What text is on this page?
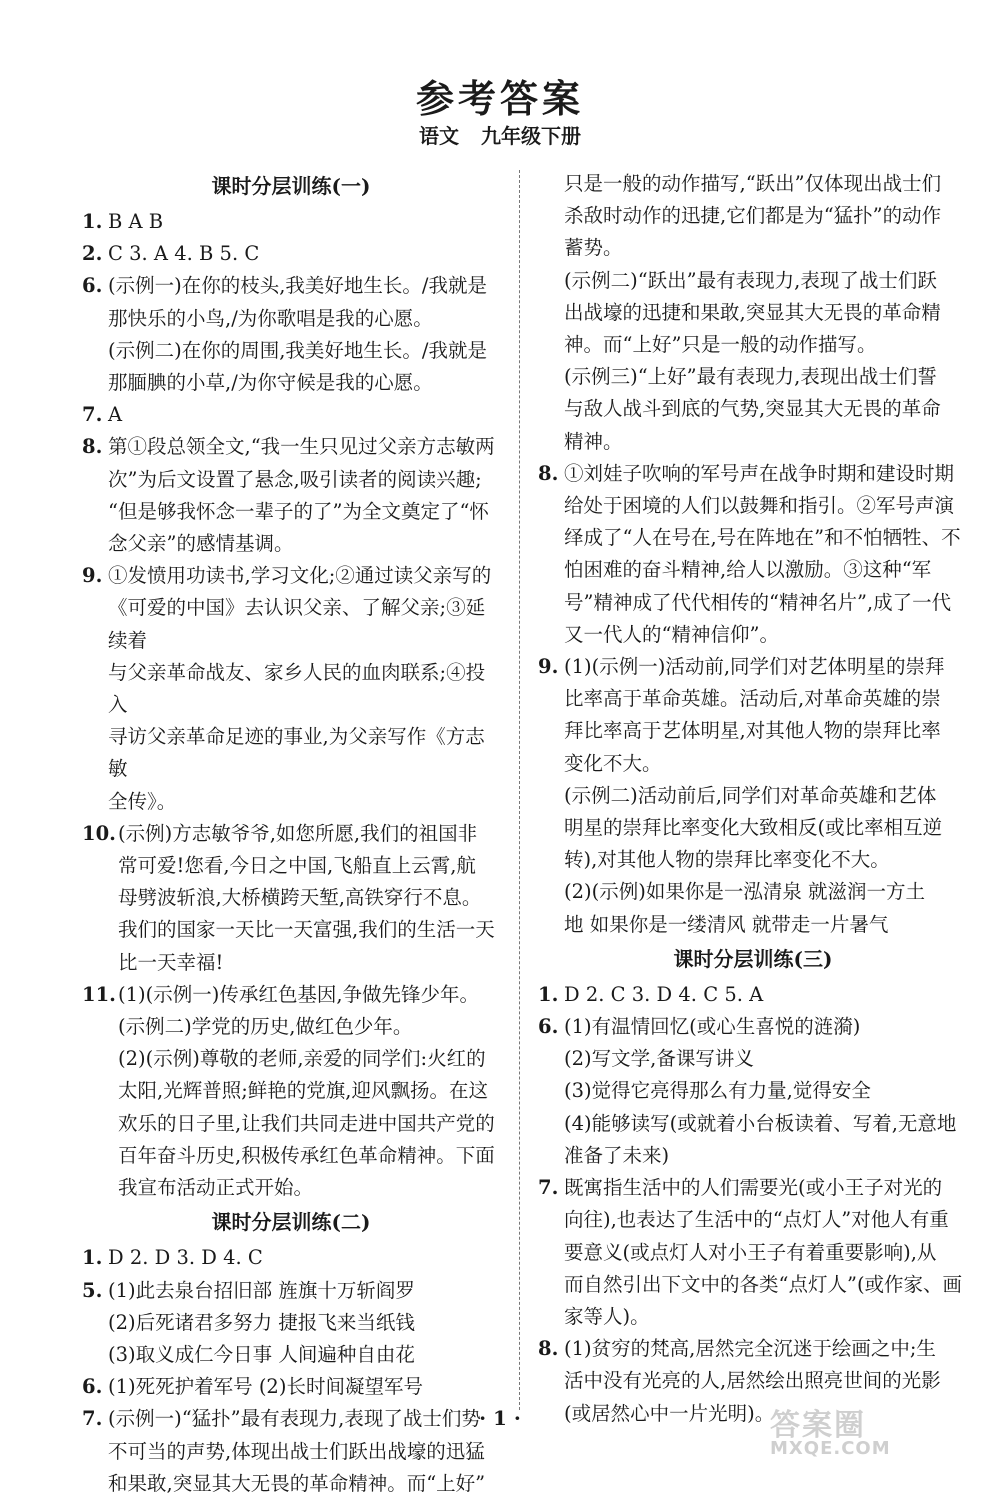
参考答案
语文 九年级下册
课时分层训练(一)
1. B A B
2. C 3. A 4. B 5. C
6. (示例一)在你的枝头,我美好地生长。/我就是
那快乐的小鸟,/为你歌唱是我的心愿。
(示例二)在你的周围,我美好地生长。/我就是
那腼腆的小草,/为你守候是我的心愿。
7. A
8. 第①段总领全文,“我一生只见过父亲方志敏两
次”为后文设置了悬念,吸引读者的阅读兴趣;
“但是够我怀念一辈子的了”为全文奠定了“怀
念父亲”的感情基调。
9. ①发愤用功读书,学习文化;②通过读父亲写的
《可爱的中国》去认识父亲、了解父亲;③延续着
与父亲革命战友、家乡人民的血肉联系;④投入
寻访父亲革命足迹的事业,为父亲写作《方志敏
全传》。
10. (示例)方志敏爷爷,如您所愿,我们的祖国非
常可爱!您看,今日之中国,飞船直上云霄,航
母劈波斩浪,大桥横跨天堑,高铁穿行不息。
我们的国家一天比一天富强,我们的生活一天
比一天幸福!
11. (1)(示例一)传承红色基因,争做先锋少年。
(示例二)学党的历史,做红色少年。
(2)(示例)尊敬的老师,亲爱的同学们:火红的
太阳,光辉普照;鲜艳的党旗,迎风飘扬。在这
欢乐的日子里,让我们共同走进中国共产党的
百年奋斗历史,积极传承红色革命精神。下面
我宣布活动正式开始。
课时分层训练(二)
1. D 2. D 3. D 4. C
5. (1)此去泉台招旧部 旌旗十万斩阎罗
(2)后死诸君多努力 捷报飞来当纸钱
(3)取义成仁今日事 人间遍种自由花
6. (1)死死护着军号 (2)长时间凝望军号
7. (示例一)“猛扑”最有表现力,表现了战士们势
不可当的声势,体现出战士们跃出战壕的迅猛
和果敢,突显其大无畏的革命精神。而“上好”
只是一般的动作描写,“跃出”仅体现出战士们
杀敌时动作的迅捷,它们都是为“猛扑”的动作
蓄势。
(示例二)“跃出”最有表现力,表现了战士们跃
出战壕的迅捷和果敢,突显其大无畏的革命精
神。而“上好”只是一般的动作描写。
(示例三)“上好”最有表现力,表现出战士们誓
与敌人战斗到底的气势,突显其大无畏的革命
精神。
8. ①刘娃子吹响的军号声在战争时期和建设时期
给处于困境的人们以鼓舞和指引。②军号声演
绎成了“人在号在,号在阵地在”和不怕牺牲、不
怕困难的奋斗精神,给人以激励。③这种“军
号”精神成了代代相传的“精神名片”,成了一代
又一代人的“精神信仰”。
9. (1)(示例一)活动前,同学们对艺体明星的崇拜
比率高于革命英雄。活动后,对革命英雄的崇
拜比率高于艺体明星,对其他人物的崇拜比率
变化不大。
(示例二)活动前后,同学们对革命英雄和艺体
明星的崇拜比率变化大致相反(或比率相互逆
转),对其他人物的崇拜比率变化不大。
(2)(示例)如果你是一泓清泉 就滋润一方土
地 如果你是一缕清风 就带走一片暑气
课时分层训练(三)
1. D 2. C 3. D 4. C 5. A
6. (1)有温情回忆(或心生喜悦的涟漪)
(2)写文学,备课写讲义
(3)觉得它亮得那么有力量,觉得安全
(4)能够读写(或就着小台板读着、写着,无意地
准备了未来)
7. 既寓指生活中的人们需要光(或小王子对光的
向往),也表达了生活中的“点灯人”对他人有重
要意义(或点灯人对小王子有着重要影响),从
而自然引出下文中的各类“点灯人”(或作家、画
家等人)。
8. (1)贫穷的梵高,居然完全沉迷于绘画之中;生
活中没有光亮的人,居然绘出照亮世间的光影
(或居然心中一片光明)。
· 1 ·	答案圈
MXQE.COM
